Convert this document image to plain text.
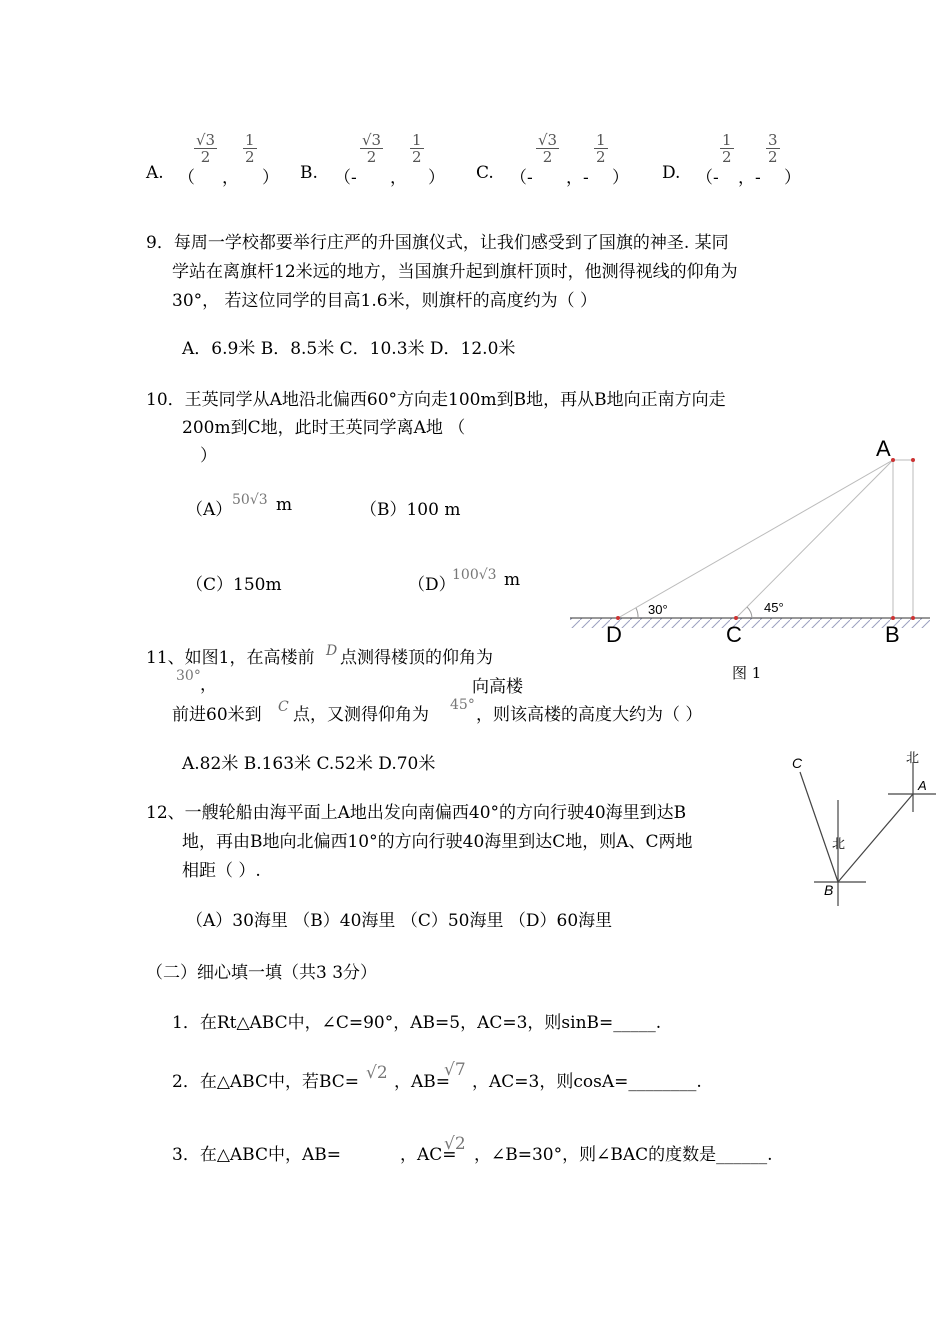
A. （
$\frac{√3}{2}$
，
$\frac{1}{2}$
） B. （-
$\frac{√3}{2}$
，
$\frac{1}{2}$
） C. （-
$\frac{√3}{2}$
，-
$\frac{1}{2}$
） D. （-
$\frac{1}{2}$
，-
$\frac{3}{2}$
）
9．每周一学校都要举行庄严的升国旗仪式，让我们感受到了国旗的神圣. 某同
学站在离旗杆12米远的地方，当国旗升起到旗杆顶时，他测得视线的仰角为
30°， 若这位同学的目高1.6米，则旗杆的高度约为（ ）
A．6.9米 B．8.5米 C．10.3米 D．12.0米
10．王英同学从A地沿北偏西60°方向走100m到B地，再从B地向正南方向走
200m到C地，此时王英同学离A地 （
）
（A） 50√3 m	（B）100 m
（C）150m	（D）
100√3 m
A
D	C	B
30°	45°
图 1
11、如图1，在高楼前 D 点测得楼顶的仰角为
30° ，	向高楼
前进60米到 C 点，又测得仰角为 45° ，则该高楼的高度大约为（ ）
A.82米 B.163米 C.52米 D.70米	C
B
A
北
北
12、一艘轮船由海平面上A地出发向南偏西40°的方向行驶40海里到达B
地，再由B地向北偏西10°的方向行驶40海里到达C地，则A、C两地
相距（ ）.
（A）30海里 （B）40海里 （C）50海里 （D）60海里
（二）细心填一填（共3 3分）
1．在Rt△ABC中，∠C=90°，AB=5，AC=3，则sinB=_____.
2．在△ABC中，若BC= √2 ，AB=
√7
，AC=3，则cosA=________.
3．在△ABC中，AB=	，AC=
√2
，∠B=30°，则∠BAC的度数是______.
